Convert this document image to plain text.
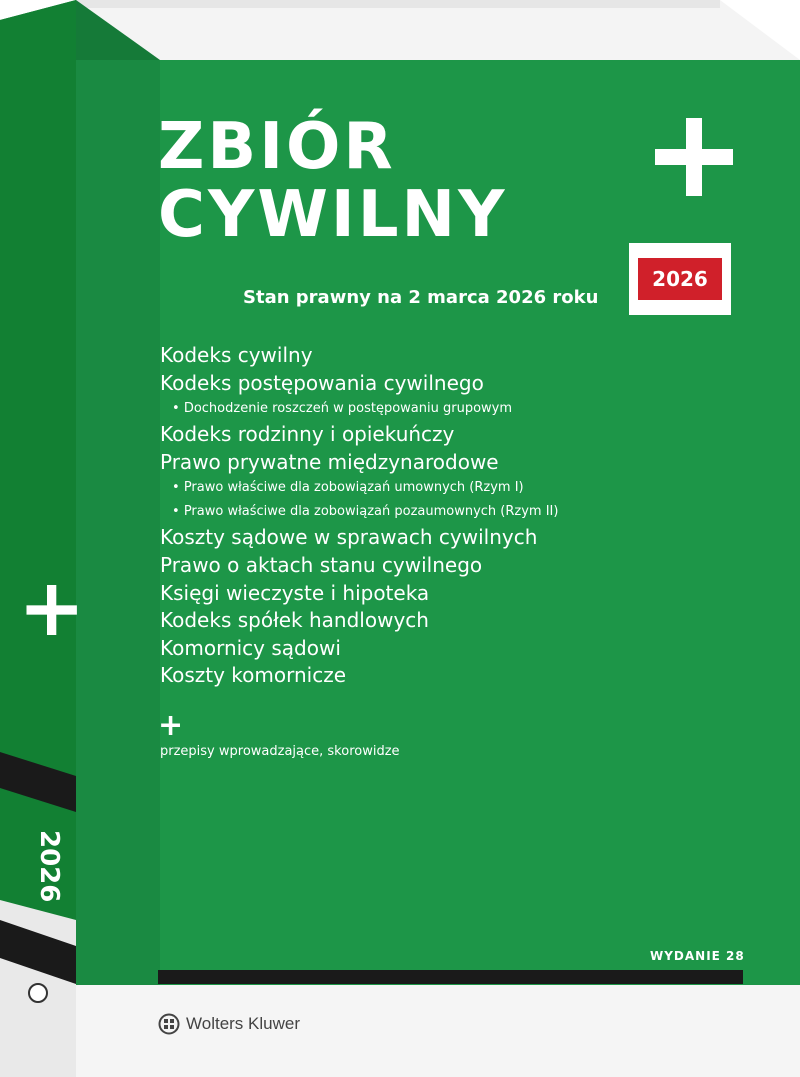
+
2026
ZBIÓR
CYWILNY
2026
Stan prawny na 2 marca 2026 roku
Kodeks cywilny
Kodeks postępowania cywilnego
• Dochodzenie roszczeń w postępowaniu grupowym
Kodeks rodzinny i opiekuńczy
Prawo prywatne międzynarodowe
• Prawo właściwe dla zobowiązań umownych (Rzym I)
• Prawo właściwe dla zobowiązań pozaumownych (Rzym II)
Koszty sądowe w sprawach cywilnych
Prawo o aktach stanu cywilnego
Księgi wieczyste i hipoteka
Kodeks spółek handlowych
Komornicy sądowi
Koszty komornicze
+
przepisy wprowadzające, skorowidze
WYDANIE 28
Wolters Kluwer
